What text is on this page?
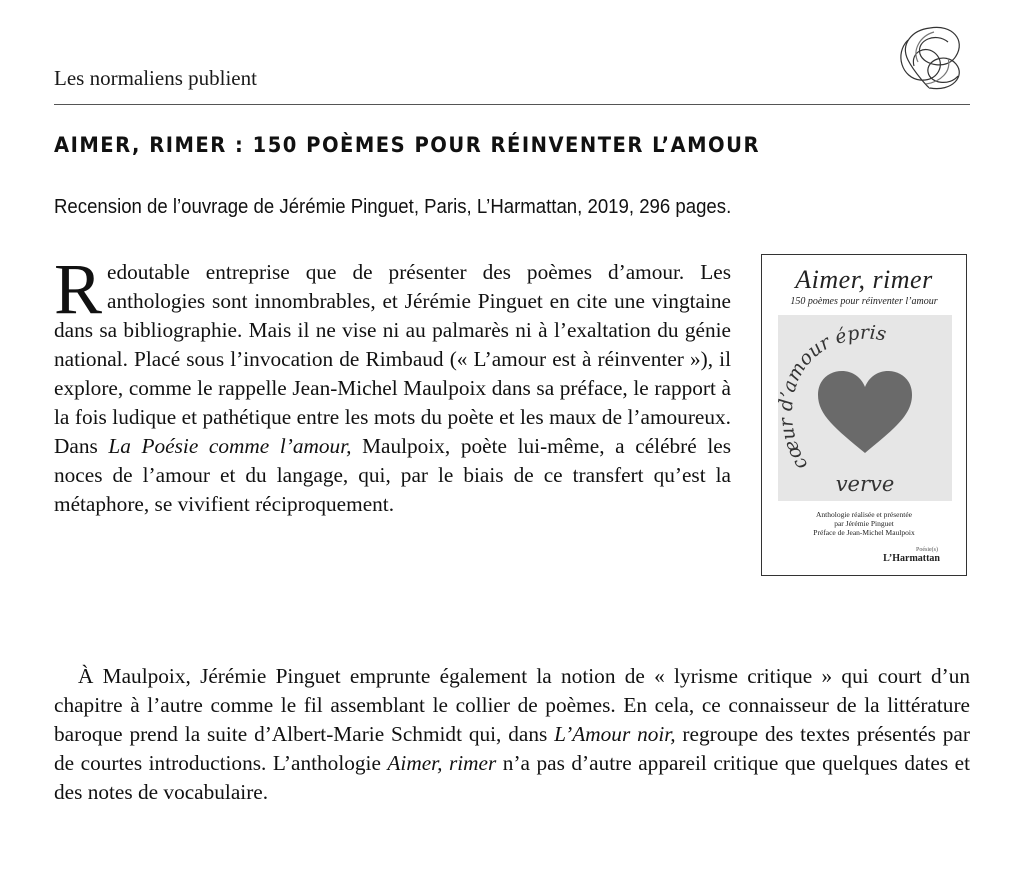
Les normaliens publient
AIMER, RIMER : 150 POÈMES POUR RÉINVENTER L’AMOUR
Recension de l’ouvrage de Jérémie Pinguet, Paris, L’Harmattan, 2019, 296 pages.

Redoutable entreprise que de présenter des poèmes d’amour. Les anthologies sont innombrables, et Jérémie Pinguet en cite une vingtaine dans sa bibliographie. Mais il ne vise ni au palmarès ni à l’exaltation du génie national. Placé sous l’invocation de Rimbaud (« L’amour est à réinventer »), il explore, comme le rappelle Jean-Michel Maulpoix dans sa préface, le rapport à la fois ludique et pathétique entre les mots du poète et les maux de l’amoureux. Dans La Poésie comme l’amour, Maulpoix, poète lui-même, a célébré les noces de l’amour et du langage, qui, par le biais de ce transfert qu’est la métaphore, se vivifient réciproquement.

À Maulpoix, Jérémie Pinguet emprunte également la notion de « lyrisme critique » qui court d’un chapitre à l’autre comme le fil assemblant le collier de poèmes. En cela, ce connaisseur de la littérature baroque prend la suite d’Albert-Marie Schmidt qui, dans L’Amour noir, regroupe des textes présentés par de courtes introductions. L’anthologie Aimer, rimer n’a pas d’autre appareil critique que quelques dates et des notes de vocabulaire.

Aimer, rimer
150 poèmes pour réinventer l’amour
cœu ’amour épris
verve
Anthologie réalisée et présentée
par Jérémie Pinguet
Préface de Jean-Michel Maulpoix
Poésie(s)
L’Harmattan
